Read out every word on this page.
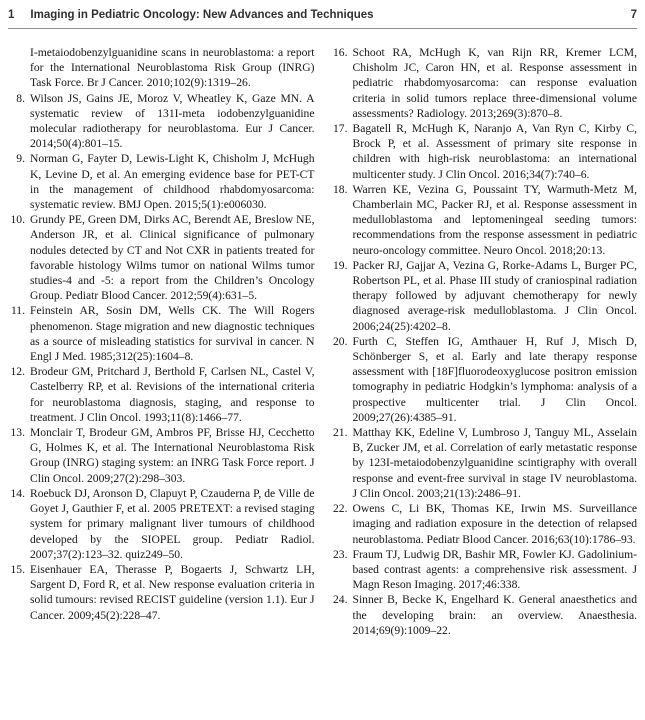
1 Imaging in Pediatric Oncology: New Advances and Techniques	7

I-metaiodobenzylguanidine scans in neuroblastoma: a report for the International Neuroblastoma Risk Group (INRG) Task Force. Br J Cancer. 2010;102(9):1319–26.

8. Wilson JS, Gains JE, Moroz V, Wheatley K, Gaze MN. A systematic review of 131I-meta iodobenzylguanidine molecular radiotherapy for neuroblastoma. Eur J Cancer. 2014;50(4):801–15.
9. Norman G, Fayter D, Lewis-Light K, Chisholm J, McHugh K, Levine D, et al. An emerging evidence base for PET-CT in the management of childhood rhabdomyosarcoma: systematic review. BMJ Open. 2015;5(1):e006030.
10. Grundy PE, Green DM, Dirks AC, Berendt AE, Breslow NE, Anderson JR, et al. Clinical significance of pulmonary nodules detected by CT and Not CXR in patients treated for favorable histology Wilms tumor on national Wilms tumor studies-4 and -5: a report from the Children’s Oncology Group. Pediatr Blood Cancer. 2012;59(4):631–5.
11. Feinstein AR, Sosin DM, Wells CK. The Will Rogers phenomenon. Stage migration and new diagnostic techniques as a source of misleading statistics for survival in cancer. N Engl J Med. 1985;312(25):1604–8.
12. Brodeur GM, Pritchard J, Berthold F, Carlsen NL, Castel V, Castelberry RP, et al. Revisions of the international criteria for neuroblastoma diagnosis, staging, and response to treatment. J Clin Oncol. 1993;11(8):1466–77.
13. Monclair T, Brodeur GM, Ambros PF, Brisse HJ, Cecchetto G, Holmes K, et al. The International Neuroblastoma Risk Group (INRG) staging system: an INRG Task Force report. J Clin Oncol. 2009;27(2):298–303.
14. Roebuck DJ, Aronson D, Clapuyt P, Czauderna P, de Ville de Goyet J, Gauthier F, et al. 2005 PRETEXT: a revised staging system for primary malignant liver tumours of childhood developed by the SIOPEL group. Pediatr Radiol. 2007;37(2):123–32. quiz249–50.
15. Eisenhauer EA, Therasse P, Bogaerts J, Schwartz LH, Sargent D, Ford R, et al. New response evaluation criteria in solid tumours: revised RECIST guideline (version 1.1). Eur J Cancer. 2009;45(2):228–47.
16. Schoot RA, McHugh K, van Rijn RR, Kremer LCM, Chisholm JC, Caron HN, et al. Response assessment in pediatric rhabdomyosarcoma: can response evaluation criteria in solid tumors replace three-dimensional volume assessments? Radiology. 2013;269(3):870–8.
17. Bagatell R, McHugh K, Naranjo A, Van Ryn C, Kirby C, Brock P, et al. Assessment of primary site response in children with high-risk neuroblastoma: an international multicenter study. J Clin Oncol. 2016;34(7):740–6.
18. Warren KE, Vezina G, Poussaint TY, Warmuth-Metz M, Chamberlain MC, Packer RJ, et al. Response assessment in medulloblastoma and leptomeningeal seeding tumors: recommendations from the response assessment in pediatric neuro-oncology committee. Neuro Oncol. 2018;20:13.
19. Packer RJ, Gajjar A, Vezina G, Rorke-Adams L, Burger PC, Robertson PL, et al. Phase III study of craniospinal radiation therapy followed by adjuvant chemotherapy for newly diagnosed average-risk medulloblastoma. J Clin Oncol. 2006;24(25):4202–8.
20. Furth C, Steffen IG, Amthauer H, Ruf J, Misch D, Schönberger S, et al. Early and late therapy response assessment with [18F]fluorodeoxyglucose positron emission tomography in pediatric Hodgkin’s lymphoma: analysis of a prospective multicenter trial. J Clin Oncol. 2009;27(26):4385–91.
21. Matthay KK, Edeline V, Lumbroso J, Tanguy ML, Asselain B, Zucker JM, et al. Correlation of early metastatic response by 123I-metaiodobenzylguanidine scintigraphy with overall response and event-free survival in stage IV neuroblastoma. J Clin Oncol. 2003;21(13):2486–91.
22. Owens C, Li BK, Thomas KE, Irwin MS. Surveillance imaging and radiation exposure in the detection of relapsed neuroblastoma. Pediatr Blood Cancer. 2016;63(10):1786–93.
23. Fraum TJ, Ludwig DR, Bashir MR, Fowler KJ. Gadolinium-based contrast agents: a comprehensive risk assessment. J Magn Reson Imaging. 2017;46:338.
24. Sinner B, Becke K, Engelhard K. General anaesthetics and the developing brain: an overview. Anaesthesia. 2014;69(9):1009–22.
